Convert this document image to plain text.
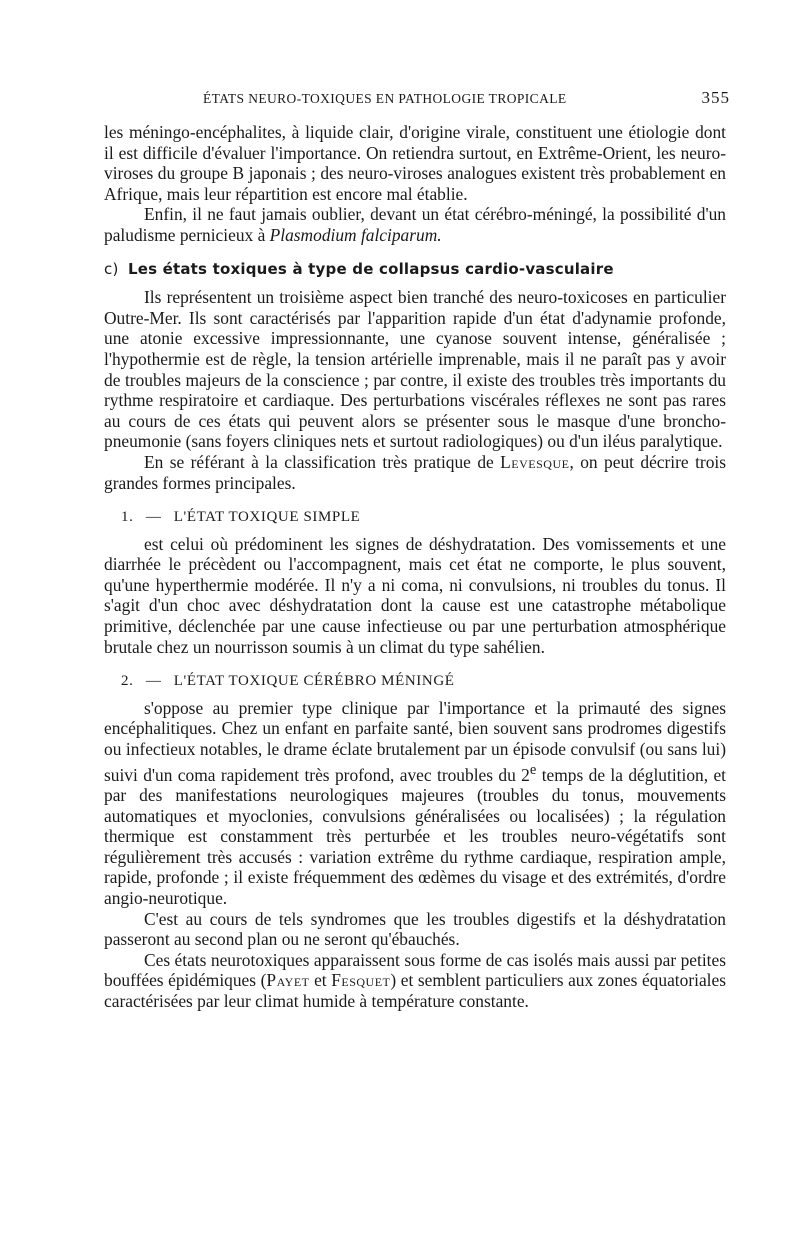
ÉTATS NEURO-TOXIQUES EN PATHOLOGIE TROPICALE	355

les méningo-encéphalites, à liquide clair, d'origine virale, constituent une étiologie dont il est difficile d'évaluer l'importance. On retiendra surtout, en Extrême-Orient, les neuro-viroses du groupe B japonais ; des neuro-viroses analogues existent très probablement en Afrique, mais leur répartition est encore mal établie.

Enfin, il ne faut jamais oublier, devant un état cérébro-méningé, la possibilité d'un paludisme pernicieux à Plasmodium falciparum.

c) Les états toxiques à type de collapsus cardio-vasculaire

Ils représentent un troisième aspect bien tranché des neuro-toxicoses en particulier Outre-Mer. Ils sont caractérisés par l'apparition rapide d'un état d'adynamie profonde, une atonie excessive impressionnante, une cyanose souvent intense, généralisée ; l'hypothermie est de règle, la tension artérielle imprenable, mais il ne paraît pas y avoir de troubles majeurs de la conscience ; par contre, il existe des troubles très importants du rythme respiratoire et cardiaque. Des perturbations viscérales réflexes ne sont pas rares au cours de ces états qui peuvent alors se présenter sous le masque d'une broncho-pneumonie (sans foyers cliniques nets et surtout radiologiques) ou d'un iléus paralytique.

En se référant à la classification très pratique de Levesque, on peut décrire trois grandes formes principales.

1. — L'ÉTAT TOXIQUE SIMPLE

est celui où prédominent les signes de déshydratation. Des vomissements et une diarrhée le précèdent ou l'accompagnent, mais cet état ne comporte, le plus souvent, qu'une hyperthermie modérée. Il n'y a ni coma, ni convulsions, ni troubles du tonus. Il s'agit d'un choc avec déshydratation dont la cause est une catastrophe métabolique primitive, déclenchée par une cause infectieuse ou par une perturbation atmosphérique brutale chez un nourrisson soumis à un climat du type sahélien.

2. — L'ÉTAT TOXIQUE CÉRÉBRO MÉNINGÉ

s'oppose au premier type clinique par l'importance et la primauté des signes encéphalitiques. Chez un enfant en parfaite santé, bien souvent sans prodromes digestifs ou infectieux notables, le drame éclate brutalement par un épisode convulsif (ou sans lui) suivi d'un coma rapidement très profond, avec troubles du 2e temps de la déglutition, et par des manifestations neurologiques majeures (troubles du tonus, mouvements automatiques et myoclonies, convulsions généralisées ou localisées) ; la régulation thermique est constamment très perturbée et les troubles neuro-végétatifs sont régulièrement très accusés : variation extrême du rythme cardiaque, respiration ample, rapide, profonde ; il existe fréquemment des œdèmes du visage et des extrémités, d'ordre angio-neurotique.

C'est au cours de tels syndromes que les troubles digestifs et la déshydratation passeront au second plan ou ne seront qu'ébauchés.

Ces états neurotoxiques apparaissent sous forme de cas isolés mais aussi par petites bouffées épidémiques (Payet et Fesquet) et semblent particuliers aux zones équatoriales caractérisées par leur climat humide à température constante.
